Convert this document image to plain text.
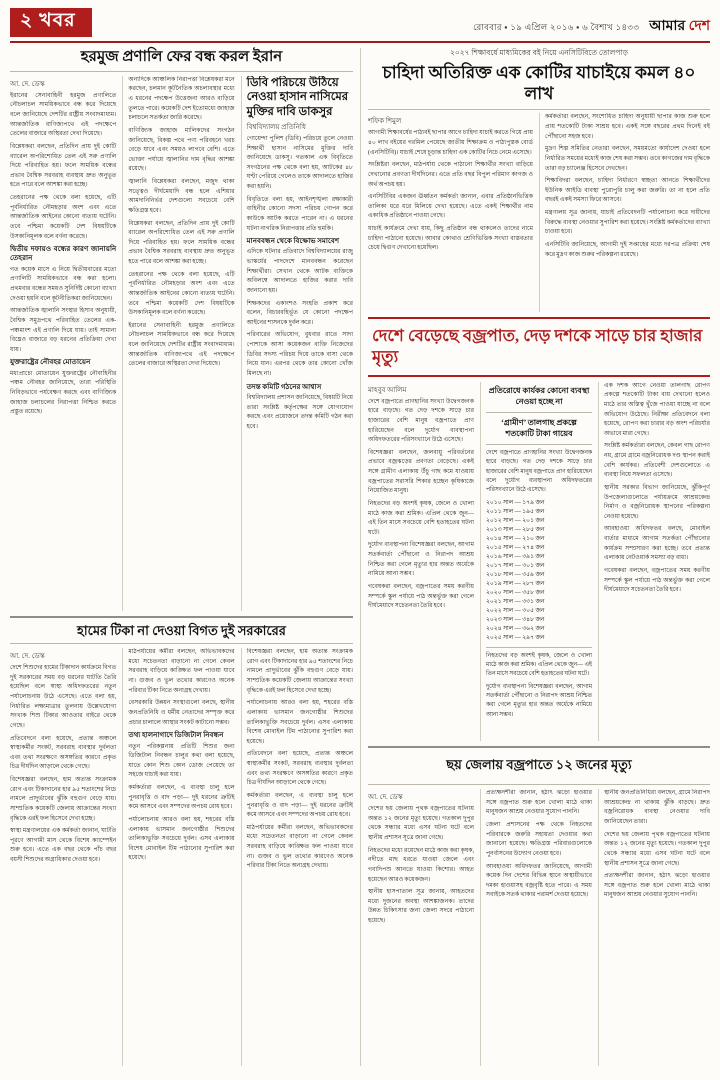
২ খবর	রোববার ▪ ১৯ এপ্রিল ২০১৬ ▪ ৬ বৈশাখ ১৪৩৩ আমার দেশ
হরমুজ প্রণালি ফের বন্ধ করল ইরান
আ. দে. ডেস্ক

ইরানের সেনাবাহিনী হরমুজ প্রণালিতে নৌচলাচল সাময়িকভাবে বন্ধ করে দিয়েছে বলে জানিয়েছে দেশটির রাষ্ট্রীয় সংবাদমাধ্যম। আন্তর্জাতিক বাণিজ্যপথে এই পদক্ষেপে তেলের বাজারে অস্থিরতা দেখা দিয়েছে।

বিশ্লেষকরা বলছেন, প্রতিদিন প্রায় দুই কোটি ব্যারেল অপরিশোধিত তেল এই সরু প্রণালি দিয়ে পরিবাহিত হয়। ফলে সাময়িক বন্ধের প্রভাব বৈশ্বিক সরবরাহ ব্যবস্থায় দ্রুত অনুভূত হতে পারে বলে আশঙ্কা করা হচ্ছে।

তেহরানের পক্ষ থেকে বলা হয়েছে, এটি পূর্বনির্ধারিত নৌমহড়ার অংশ এবং এতে আন্তর্জাতিক আইনের কোনো ব্যত্যয় ঘটেনি। তবে পশ্চিমা কয়েকটি দেশ বিষয়টিকে উসকানিমূলক বলে বর্ণনা করেছে।

দ্বিতীয় দফায়ও বন্ধের কারণ জানায়নি তেহরান

গত কয়েক মাসে এ নিয়ে দ্বিতীয়বারের মতো প্রণালিটি সাময়িকভাবে বন্ধ করা হলো। প্রথমবার বন্ধের সময়ও সুনির্দিষ্ট কোনো ব্যাখ্যা দেওয়া হয়নি বলে কূটনীতিকরা জানিয়েছেন।

আন্তর্জাতিক জ্বালানি সংস্থার হিসাব অনুযায়ী, বৈশ্বিক সমুদ্রপথে পরিবাহিত তেলের এক-পঞ্চমাংশ এই প্রণালি দিয়ে যায়। তাই সামান্য বিঘ্নেও বাজারে বড় ধরনের প্রতিক্রিয়া দেখা যায়।

যুক্তরাষ্ট্রের নৌবহর মোতায়েন

মধ্যপ্রাচ্যে মোতায়েন যুক্তরাষ্ট্রের নৌবাহিনীর পঞ্চম নৌবহর জানিয়েছে, তারা পরিস্থিতি নিবিড়ভাবে পর্যবেক্ষণ করছে এবং বাণিজ্যিক জাহাজ চলাচলের নিরাপত্তা নিশ্চিত করতে প্রস্তুত রয়েছে।

অন্যদিকে আঞ্চলিক নিরাপত্তা বিশ্লেষকরা মনে করছেন, চলমান কূটনৈতিক অচলাবস্থার মধ্যে এ ধরনের পদক্ষেপ উত্তেজনা আরও বাড়িয়ে তুলতে পারে। কয়েকটি দেশ ইতোমধ্যে জাহাজ চলাচলে সতর্কতা জারি করেছে।

বাণিজ্যিক জাহাজ মালিকদের সংগঠন জানিয়েছে, বিকল্প পথে পণ্য পরিবহনে খরচ বেড়ে যাবে এবং সময়ও লাগবে বেশি। এতে ভোক্তা পর্যায়ে জ্বালানির দাম বৃদ্ধির আশঙ্কা রয়েছে।

জ্বালানি বিশ্লেষকরা বলছেন, মজুদ থাকা সত্ত্বেও দীর্ঘমেয়াদি বন্ধ হলে এশিয়ার আমদানিনির্ভর দেশগুলো সবচেয়ে বেশি ক্ষতিগ্রস্ত হবে।

বিশ্লেষকরা বলছেন, প্রতিদিন প্রায় দুই কোটি ব্যারেল অপরিশোধিত তেল এই সরু প্রণালি দিয়ে পরিবাহিত হয়। ফলে সাময়িক বন্ধের প্রভাব বৈশ্বিক সরবরাহ ব্যবস্থায় দ্রুত অনুভূত হতে পারে বলে আশঙ্কা করা হচ্ছে।

তেহরানের পক্ষ থেকে বলা হয়েছে, এটি পূর্বনির্ধারিত নৌমহড়ার অংশ এবং এতে আন্তর্জাতিক আইনের কোনো ব্যত্যয় ঘটেনি। তবে পশ্চিমা কয়েকটি দেশ বিষয়টিকে উসকানিমূলক বলে বর্ণনা করেছে।

ইরানের সেনাবাহিনী হরমুজ প্রণালিতে নৌচলাচল সাময়িকভাবে বন্ধ করে দিয়েছে বলে জানিয়েছে দেশটির রাষ্ট্রীয় সংবাদমাধ্যম। আন্তর্জাতিক বাণিজ্যপথে এই পদক্ষেপে তেলের বাজারে অস্থিরতা দেখা দিয়েছে।

ডিবি পরিচয়ে উঠিয়ে নেওয়া হাসান নাসিমের মুক্তির দাবি ডাকসুর
বিশ্ববিদ্যালয় প্রতিনিধি

গোয়েন্দা পুলিশ (ডিবি) পরিচয়ে তুলে নেওয়া শিক্ষার্থী হাসান নাসিমের মুক্তির দাবি জানিয়েছে ডাকসু। গতকাল এক বিবৃতিতে সংগঠনের পক্ষ থেকে বলা হয়, আটকের ৪৮ ঘণ্টা পেরিয়ে গেলেও তাকে আদালতে হাজির করা হয়নি।

বিবৃতিতে বলা হয়, আইনশৃঙ্খলা রক্ষাকারী বাহিনীর কোনো সদস্য পরিচয় গোপন করে কাউকে আটক করতে পারেন না। এ ধরনের ঘটনা নাগরিক নিরাপত্তার প্রতি হুমকি।

মানববন্ধন থেকে বিক্ষোভ সমাবেশ

এদিকে ঘটনার প্রতিবাদে বিশ্ববিদ্যালয়ের রাজু ভাস্কর্যের পাদদেশে মানববন্ধন করেছেন শিক্ষার্থীরা। সেখান থেকে আটক ব্যক্তিকে অবিলম্বে আদালতে হাজির করার দাবি জানানো হয়।

শিক্ষকদের একাংশও সংহতি প্রকাশ করে বলেন, বিচারবহির্ভূত যে কোনো পদক্ষেপ আইনের শাসনকে দুর্বল করে।

পরিবারের অভিযোগ, বুধবার রাতে সাদা পোশাকে আসা কয়েকজন ব্যক্তি নিজেদের ডিবির সদস্য পরিচয় দিয়ে তাকে বাসা থেকে নিয়ে যান। এরপর থেকে তার কোনো খোঁজ মিলছে না।

তদন্ত কমিটি গঠনের আশ্বাস

বিশ্ববিদ্যালয় প্রশাসন জানিয়েছে, বিষয়টি নিয়ে তারা সংশ্লিষ্ট কর্তৃপক্ষের সঙ্গে যোগাযোগ করছে এবং প্রয়োজনে তদন্ত কমিটি গঠন করা হবে।

হামের টিকা না দেওয়া বিগত দুই সরকারের
আ. দে. ডেস্ক

দেশে শিশুদের হামের টিকাদান কার্যক্রমে বিগত দুই সরকারের সময় বড় ধরনের ঘাটতি তৈরি হয়েছিল বলে স্বাস্থ্য অধিদফতরের নতুন পর্যালোচনায় উঠে এসেছে। এতে বলা হয়, নির্ধারিত লক্ষ্যমাত্রার তুলনায় উল্লেখযোগ্য সংখ্যক শিশু টিকার আওতার বাইরে থেকে গেছে।

প্রতিবেদনে বলা হয়েছে, প্রত্যন্ত অঞ্চলে স্বাস্থ্যকর্মীর সংকট, সরবরাহ ব্যবস্থার দুর্বলতা এবং তথ্য সংরক্ষণে অসঙ্গতির কারণে প্রকৃত চিত্র দীর্ঘদিন আড়ালে থেকে গেছে।

বিশেষজ্ঞরা বলছেন, হাম অত্যন্ত সংক্রামক রোগ এবং টিকাদানের হার ৯৫ শতাংশের নিচে নামলে প্রাদুর্ভাবের ঝুঁকি বহুগুণ বেড়ে যায়। সাম্প্রতিক কয়েকটি জেলায় আক্রান্তের সংখ্যা বৃদ্ধিকে এরই ফল হিসেবে দেখা হচ্ছে।

স্বাস্থ্য মন্ত্রণালয়ের এক কর্মকর্তা জানান, ঘাটতি পূরণে আগামী মাস থেকে বিশেষ ক্যাম্পেইন শুরু হবে। এতে এক বছর থেকে পাঁচ বছর বয়সী শিশুদের অগ্রাধিকার দেওয়া হবে।

মাঠপর্যায়ের কর্মীরা বলছেন, অভিভাবকদের মধ্যে সচেতনতা বাড়ানো না গেলে কেবল সরবরাহ বাড়িয়ে কাঙ্ক্ষিত ফল পাওয়া যাবে না। গুজব ও ভুল তথ্যের কারণেও অনেক পরিবার টিকা নিতে অনাগ্রহ দেখায়।

বেসরকারি উন্নয়ন সংস্থাগুলো বলছে, স্থানীয় জনপ্রতিনিধি ও ধর্মীয় নেতাদের সম্পৃক্ত করে প্রচার চালালে আস্থার সংকট কাটানো সম্ভব।

তথ্য হালনাগাদে ডিজিটাল নিবন্ধন

নতুন পরিকল্পনায় প্রতিটি শিশুর জন্য ডিজিটাল নিবন্ধন চালুর কথা বলা হয়েছে, যাতে কোন শিশু কোন ডোজ পেয়েছে তা সহজে যাচাই করা যায়।

কর্মকর্তারা বলছেন, এ ব্যবস্থা চালু হলে পুনরাবৃত্তি ও বাদ পড়া— দুই ধরনের ত্রুটিই কমে আসবে এবং সম্পদের অপচয় রোধ হবে।

পর্যালোচনায় আরও বলা হয়, শহরের বস্তি এলাকায় ভাসমান জনগোষ্ঠীর শিশুদের তালিকাভুক্তি সবচেয়ে দুর্বল। এসব এলাকায় বিশেষ মোবাইল টিম পাঠানোর সুপারিশ করা হয়েছে।

বিশেষজ্ঞরা বলছেন, হাম অত্যন্ত সংক্রামক রোগ এবং টিকাদানের হার ৯৫ শতাংশের নিচে নামলে প্রাদুর্ভাবের ঝুঁকি বহুগুণ বেড়ে যায়। সাম্প্রতিক কয়েকটি জেলায় আক্রান্তের সংখ্যা বৃদ্ধিকে এরই ফল হিসেবে দেখা হচ্ছে।

পর্যালোচনায় আরও বলা হয়, শহরের বস্তি এলাকায় ভাসমান জনগোষ্ঠীর শিশুদের তালিকাভুক্তি সবচেয়ে দুর্বল। এসব এলাকায় বিশেষ মোবাইল টিম পাঠানোর সুপারিশ করা হয়েছে।

প্রতিবেদনে বলা হয়েছে, প্রত্যন্ত অঞ্চলে স্বাস্থ্যকর্মীর সংকট, সরবরাহ ব্যবস্থার দুর্বলতা এবং তথ্য সংরক্ষণে অসঙ্গতির কারণে প্রকৃত চিত্র দীর্ঘদিন আড়ালে থেকে গেছে।

কর্মকর্তারা বলছেন, এ ব্যবস্থা চালু হলে পুনরাবৃত্তি ও বাদ পড়া— দুই ধরনের ত্রুটিই কমে আসবে এবং সম্পদের অপচয় রোধ হবে।

মাঠপর্যায়ের কর্মীরা বলছেন, অভিভাবকদের মধ্যে সচেতনতা বাড়ানো না গেলে কেবল সরবরাহ বাড়িয়ে কাঙ্ক্ষিত ফল পাওয়া যাবে না। গুজব ও ভুল তথ্যের কারণেও অনেক পরিবার টিকা নিতে অনাগ্রহ দেখায়।

২০২৭ শিক্ষাবর্ষে মাধ্যমিকের বই নিয়ে এনসিটিবিতে তোলপাড়
চাহিদা অতিরিক্ত এক কোটির যাচাইয়ে কমল ৪০ লাখ
শফিক শিমুল

আগামী শিক্ষাবর্ষের পাঠ্যবই ছাপার আগে চাহিদা যাচাই করতে গিয়ে প্রায় ৪০ লাখ বইয়ের গরমিল পেয়েছে জাতীয় শিক্ষাক্রম ও পাঠ্যপুস্তক বোর্ড (এনসিটিবি)। যাচাই শেষে চূড়ান্ত চাহিদা এক কোটির নিচে নেমে এসেছে।

সংশ্লিষ্টরা বলছেন, মাঠপর্যায় থেকে পাঠানো শিক্ষার্থীর সংখ্যা বাড়িয়ে দেখানোর প্রবণতা দীর্ঘদিনের। এতে প্রতি বছর বিপুল পরিমাণ কাগজ ও অর্থ অপচয় হয়।

এনসিটিবির একজন ঊর্ধ্বতন কর্মকর্তা জানান, এবার প্রতিষ্ঠানভিত্তিক তালিকা ধরে ধরে মিলিয়ে দেখা হয়েছে। এতে একই শিক্ষার্থীর নাম একাধিক প্রতিষ্ঠানে পাওয়া গেছে।

যাচাই কার্যক্রমে দেখা যায়, কিছু প্রতিষ্ঠান বন্ধ থাকলেও তাদের নামে চাহিদা পাঠানো হয়েছে। আবার কোথাও শ্রেণিভিত্তিক সংখ্যা বাস্তবতার চেয়ে দ্বিগুণ দেখানো হয়েছিল।

কর্মকর্তারা বলছেন, সংশোধিত চাহিদা অনুযায়ী ছাপার কাজ শুরু হলে প্রায় শতকোটি টাকা সাশ্রয় হবে। একই সঙ্গে বছরের প্রথম দিনেই বই পৌঁছানো সহজ হবে।

মুদ্রণ শিল্প সমিতির নেতারা বলছেন, সময়মতো কার্যাদেশ দেওয়া হলে নির্ধারিত সময়ের মধ্যেই কাজ শেষ করা সম্ভব। তবে কাগজের দাম বৃদ্ধিকে তারা বড় চ্যালেঞ্জ হিসেবে দেখছেন।

শিক্ষাবিদরা বলছেন, চাহিদা নির্ধারণে স্বচ্ছতা আনতে শিক্ষার্থীদের ইউনিক আইডি ব্যবস্থা পুরোপুরি চালু করা জরুরি। তা না হলে প্রতি বছরই একই সমস্যা ফিরে আসবে।

মন্ত্রণালয় সূত্র জানায়, যাচাই প্রতিবেদনটি পর্যালোচনা করে দায়ীদের বিরুদ্ধে ব্যবস্থা নেওয়ার সুপারিশ করা হয়েছে। সংশ্লিষ্ট কর্মকর্তাদের ব্যাখ্যা চাওয়া হবে।

এনসিটিবি জানিয়েছে, আগামী দুই সপ্তাহের মধ্যে দরপত্র প্রক্রিয়া শেষ করে মুদ্রণ কাজ শুরুর পরিকল্পনা রয়েছে।

দেশে বেড়েছে বজ্রপাত, দেড় দশকে সাড়ে চার হাজার মৃত্যু
মাহবুব আলিম

দেশে বজ্রপাতে প্রাণহানির সংখ্যা উদ্বেগজনক হারে বাড়ছে। গত দেড় দশকে সাড়ে চার হাজারের বেশি মানুষ বজ্রপাতে প্রাণ হারিয়েছেন বলে দুর্যোগ ব্যবস্থাপনা অধিদফতরের পরিসংখ্যানে উঠে এসেছে।

বিশেষজ্ঞরা বলছেন, জলবায়ু পরিবর্তনের প্রভাবে বজ্রঝড়ের প্রবণতা বেড়েছে। একই সঙ্গে গ্রামীণ এলাকায় উঁচু গাছ কমে যাওয়ায় বজ্রপাতের সরাসরি শিকার হচ্ছেন কৃষিকাজে নিয়োজিত মানুষ।

নিহতদের বড় অংশই কৃষক, জেলে ও খোলা মাঠে কাজ করা শ্রমিক। এপ্রিল থেকে জুন— এই তিন মাসে সবচেয়ে বেশি হতাহতের ঘটনা ঘটে।

দুর্যোগ ব্যবস্থাপনা বিশেষজ্ঞরা বলছেন, আগাম সতর্কবার্তা পৌঁছানো ও নিরাপদ আশ্রয় নিশ্চিত করা গেলে মৃত্যুর হার অন্তত অর্ধেকে নামিয়ে আনা সম্ভব।

গবেষকরা বলছেন, বজ্রপাতের সময় করণীয় সম্পর্কে স্কুল পর্যায়ে পাঠ অন্তর্ভুক্ত করা গেলে দীর্ঘমেয়াদে সচেতনতা তৈরি হবে।

প্রতিরোধে কার্যকর কোনো ব্যবস্থা নেওয়া হচ্ছে না
‘গ্রামীণ’ তালগাছ প্রকল্পে শতকোটি টাকা গায়েব

দেশে বজ্রপাতে প্রাণহানির সংখ্যা উদ্বেগজনক হারে বাড়ছে। গত দেড় দশকে সাড়ে চার হাজারের বেশি মানুষ বজ্রপাতে প্রাণ হারিয়েছেন বলে দুর্যোগ ব্যবস্থাপনা অধিদফতরের পরিসংখ্যানে উঠে এসেছে।

২০১০ সাল — ১৭৯ জন
২০১১ সাল — ১৯৫ জন
২০১২ সাল — ২০১ জন
২০১৩ সাল — ২৮৫ জন
২০১৪ সাল — ২১০ জন
২০১৫ সাল — ২৭৪ জন
২০১৬ সাল — ৩৯১ জন
২০১৭ সাল — ৩০১ জন
২০১৮ সাল — ৩৫৯ জন
২০১৯ সাল — ২৮৭ জন
২০২০ সাল — ৩৫৮ জন
২০২১ সাল — ৩৩১ জন
২০২২ সাল — ৩০৫ জন
২০২৩ সাল — ৩৪৮ জন
২০২৪ সাল — ৩৬২ জন
২০২৫ সাল — ২৯৭ জন

নিহতদের বড় অংশই কৃষক, জেলে ও খোলা মাঠে কাজ করা শ্রমিক। এপ্রিল থেকে জুন— এই তিন মাসে সবচেয়ে বেশি হতাহতের ঘটনা ঘটে।

দুর্যোগ ব্যবস্থাপনা বিশেষজ্ঞরা বলছেন, আগাম সতর্কবার্তা পৌঁছানো ও নিরাপদ আশ্রয় নিশ্চিত করা গেলে মৃত্যুর হার অন্তত অর্ধেকে নামিয়ে আনা সম্ভব।

এক দশক আগে নেওয়া তালগাছ রোপণ প্রকল্পে শতকোটি টাকা ব্যয় দেখানো হলেও মাঠে তার অস্তিত্ব খুঁজে পাওয়া যাচ্ছে না বলে অভিযোগ উঠেছে। নিরীক্ষা প্রতিবেদনে বলা হয়েছে, রোপণ করা চারার বড় অংশ পরিচর্যার অভাবে মারা গেছে।

সংশ্লিষ্ট কর্মকর্তারা বলছেন, কেবল গাছ রোপণ নয়, গ্রামে গ্রামে বজ্রনিরোধক দণ্ড স্থাপন করাই বেশি কার্যকর। প্রতিবেশী দেশগুলোতে এ ব্যবস্থা নিয়ে সফলতা এসেছে।

স্থানীয় সরকার বিভাগ জানিয়েছে, ঝুঁকিপূর্ণ উপজেলাগুলোতে পর্যায়ক্রমে আশ্রয়কেন্দ্র নির্মাণ ও বজ্রনিরোধক স্থাপনের পরিকল্পনা নেওয়া হয়েছে।

আবহাওয়া অধিদফতর বলছে, মোবাইল বার্তার মাধ্যমে আগাম সতর্কতা পৌঁছানোর কার্যক্রম সম্প্রসারণ করা হচ্ছে। তবে প্রত্যন্ত এলাকায় নেটওয়ার্ক সমস্যা বড় বাধা।

গবেষকরা বলছেন, বজ্রপাতের সময় করণীয় সম্পর্কে স্কুল পর্যায়ে পাঠ অন্তর্ভুক্ত করা গেলে দীর্ঘমেয়াদে সচেতনতা তৈরি হবে।

ছয় জেলায় বজ্রপাতে ১২ জনের মৃত্যু
আ. দে. ডেস্ক

দেশের ছয় জেলায় পৃথক বজ্রপাতের ঘটনায় অন্তত ১২ জনের মৃত্যু হয়েছে। গতকাল দুপুর থেকে সন্ধ্যার মধ্যে এসব ঘটনা ঘটে বলে স্থানীয় প্রশাসন সূত্রে জানা গেছে।

নিহতদের মধ্যে রয়েছেন মাঠে কাজ করা কৃষক, নদীতে মাছ ধরতে যাওয়া জেলে এবং গবাদিপশু আনতে যাওয়া কিশোর। আহত হয়েছেন আরও কয়েকজন।

স্থানীয় হাসপাতাল সূত্র জানায়, আহতদের মধ্যে দুজনের অবস্থা আশঙ্কাজনক। তাদের উন্নত চিকিৎসার জন্য জেলা সদরে পাঠানো হয়েছে।

প্রত্যক্ষদর্শীরা জানান, হঠাৎ ঝড়ো হাওয়ার সঙ্গে বজ্রপাত শুরু হলে খোলা মাঠে থাকা মানুষজন আশ্রয় নেওয়ার সুযোগ পাননি।

জেলা প্রশাসনের পক্ষ থেকে নিহতদের পরিবারকে জরুরি সহায়তা দেওয়ার কথা জানানো হয়েছে। ক্ষতিগ্রস্ত পরিবারগুলোকে পুনর্বাসনের উদ্যোগ নেওয়া হবে।

আবহাওয়া অধিদফতর জানিয়েছে, আগামী কয়েক দিন দেশের বিভিন্ন স্থানে অস্থায়ীভাবে দমকা হাওয়াসহ বজ্রবৃষ্টি হতে পারে। এ সময় সবাইকে সতর্ক থাকার পরামর্শ দেওয়া হয়েছে।

স্থানীয় জনপ্রতিনিধিরা বলছেন, গ্রামে নিরাপদ আশ্রয়কেন্দ্র না থাকায় ঝুঁকি বাড়ছে। দ্রুত বজ্রনিরোধক ব্যবস্থা নেওয়ার দাবি জানিয়েছেন তারা।

দেশের ছয় জেলায় পৃথক বজ্রপাতের ঘটনায় অন্তত ১২ জনের মৃত্যু হয়েছে। গতকাল দুপুর থেকে সন্ধ্যার মধ্যে এসব ঘটনা ঘটে বলে স্থানীয় প্রশাসন সূত্রে জানা গেছে।

প্রত্যক্ষদর্শীরা জানান, হঠাৎ ঝড়ো হাওয়ার সঙ্গে বজ্রপাত শুরু হলে খোলা মাঠে থাকা মানুষজন আশ্রয় নেওয়ার সুযোগ পাননি।
